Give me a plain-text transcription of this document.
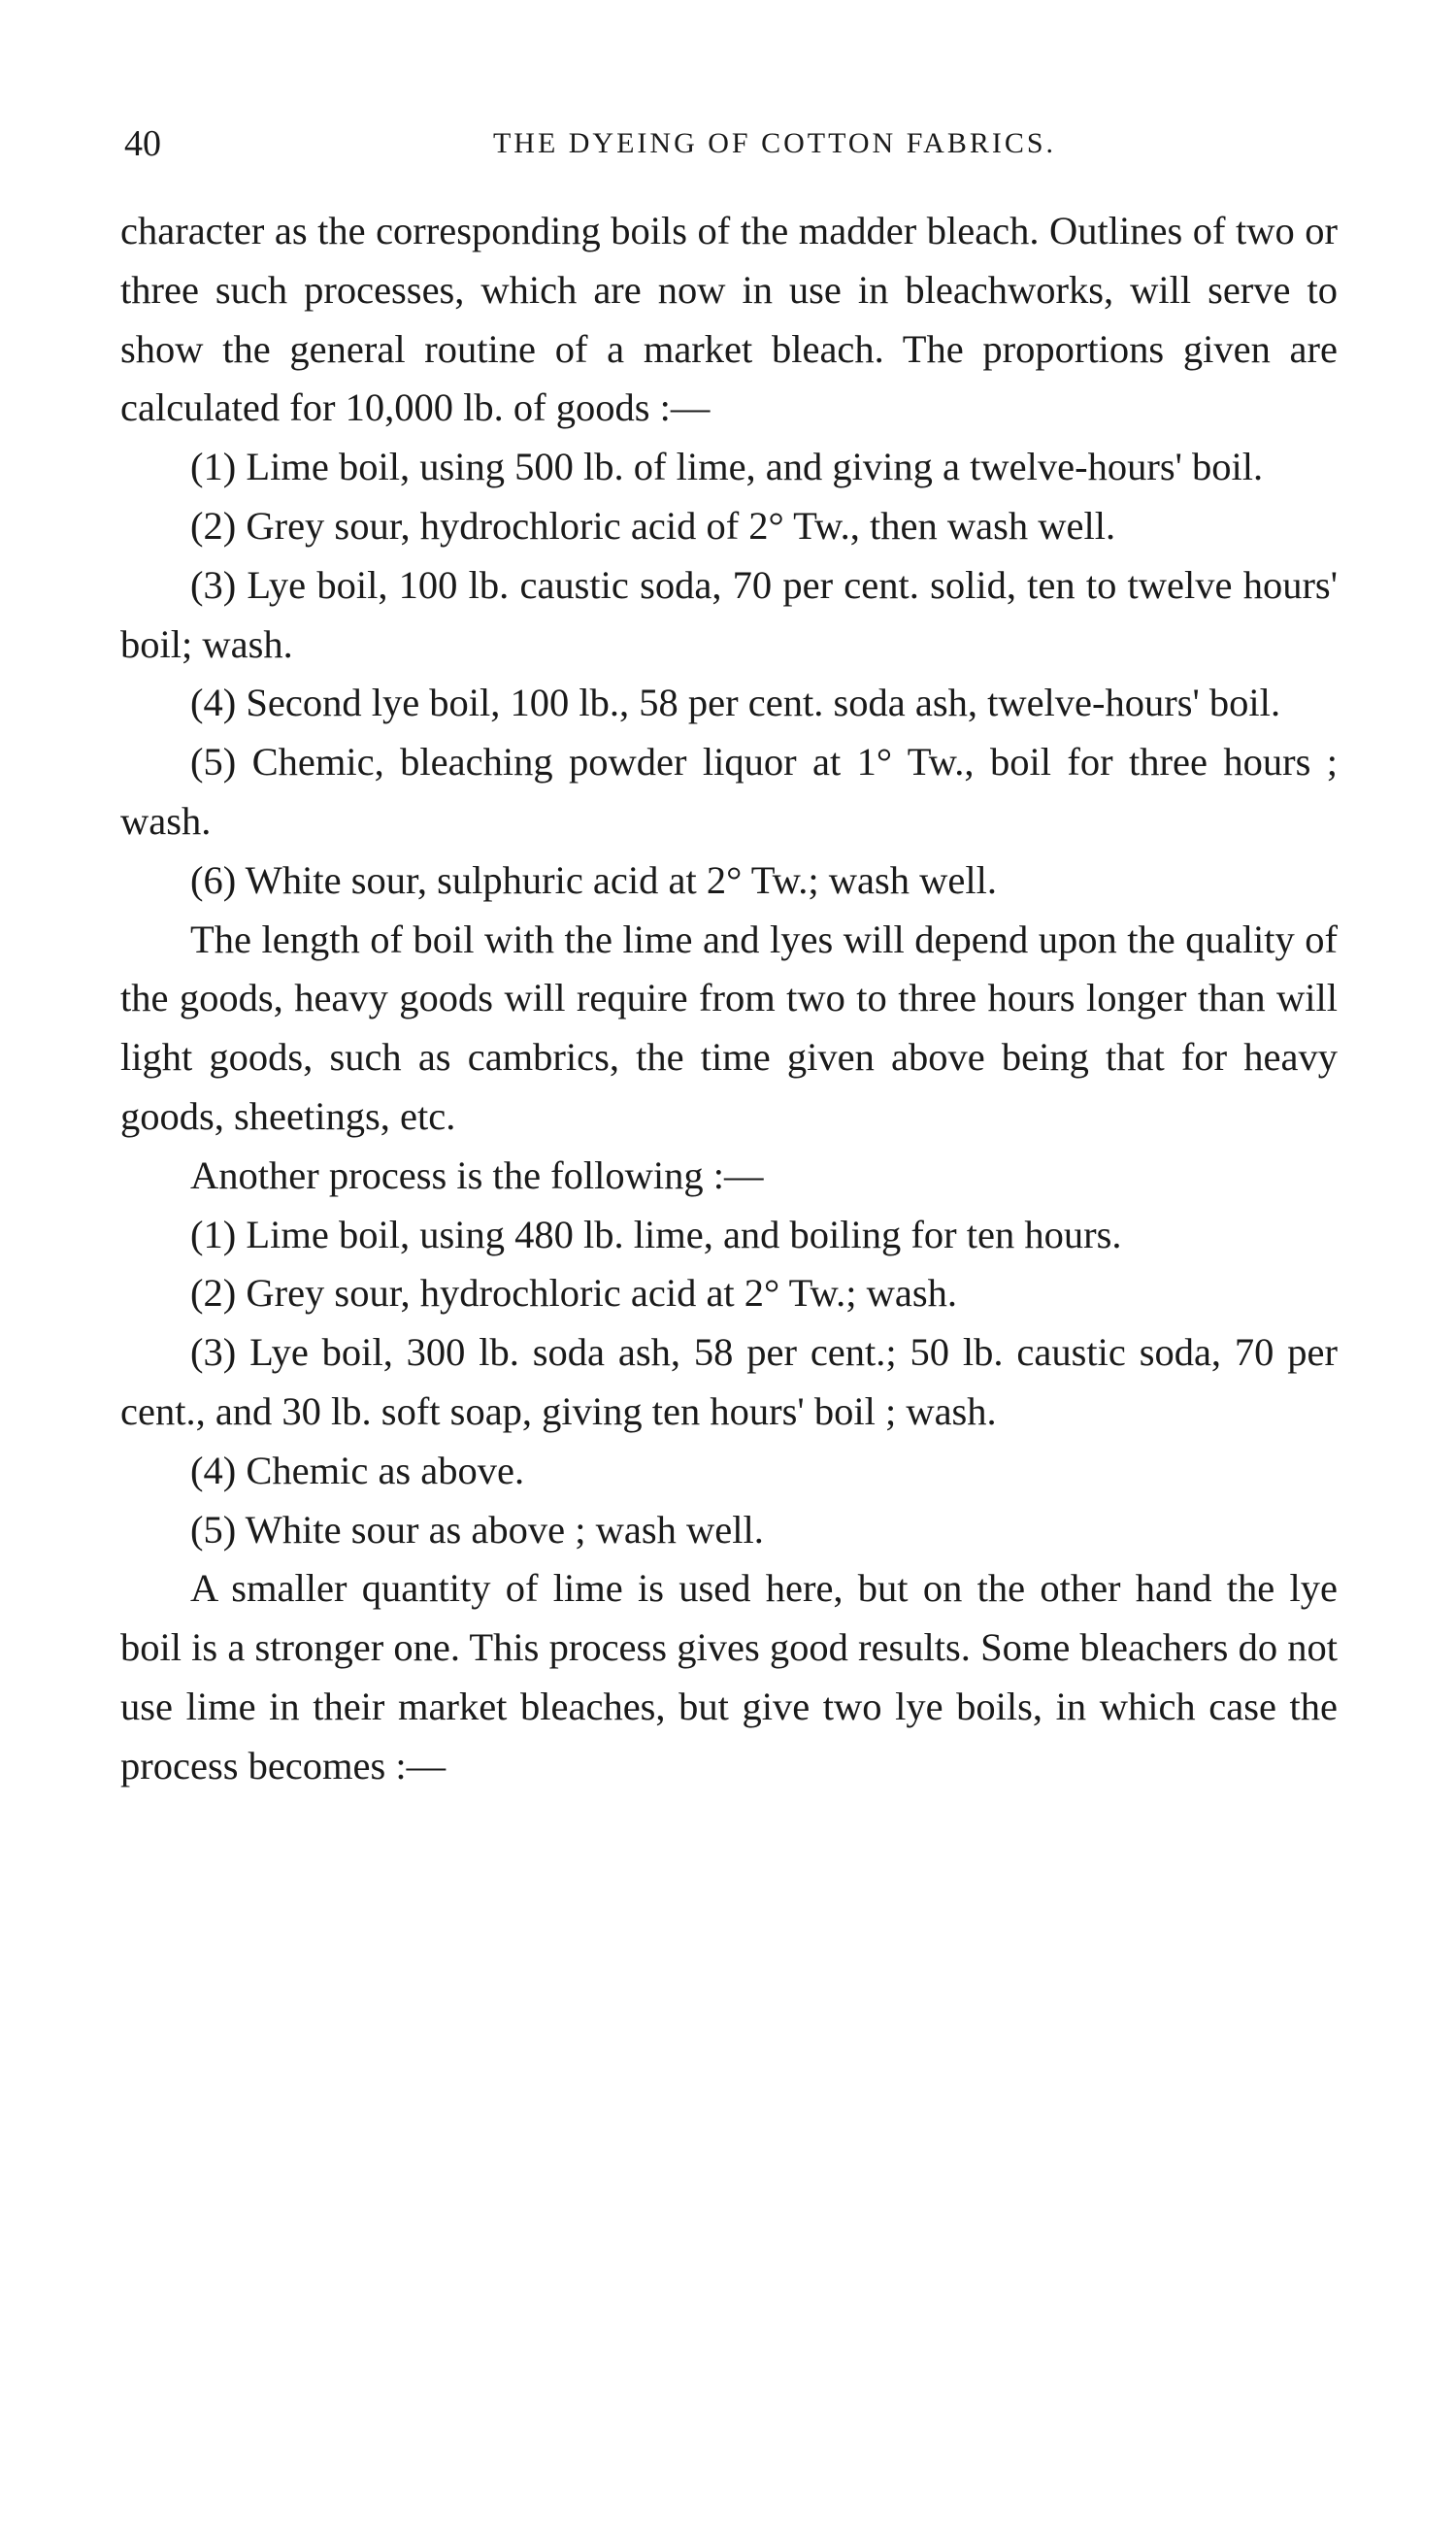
40	THE DYEING OF COTTON FABRICS.

character as the corresponding boils of the madder bleach. Outlines of two or three such processes, which are now in use in bleachworks, will serve to show the general routine of a market bleach. The proportions given are calculated for 10,000 lb. of goods :—

(1) Lime boil, using 500 lb. of lime, and giving a twelve-hours' boil.

(2) Grey sour, hydrochloric acid of 2° Tw., then wash well.

(3) Lye boil, 100 lb. caustic soda, 70 per cent. solid, ten to twelve hours' boil; wash.

(4) Second lye boil, 100 lb., 58 per cent. soda ash, twelve-hours' boil.

(5) Chemic, bleaching powder liquor at 1° Tw., boil for three hours ; wash.

(6) White sour, sulphuric acid at 2° Tw.; wash well.

The length of boil with the lime and lyes will depend upon the quality of the goods, heavy goods will require from two to three hours longer than will light goods, such as cambrics, the time given above being that for heavy goods, sheetings, etc.

Another process is the following :—

(1) Lime boil, using 480 lb. lime, and boiling for ten hours.

(2) Grey sour, hydrochloric acid at 2° Tw.; wash.

(3) Lye boil, 300 lb. soda ash, 58 per cent.; 50 lb. caustic soda, 70 per cent., and 30 lb. soft soap, giving ten hours' boil ; wash.

(4) Chemic as above.

(5) White sour as above ; wash well.

A smaller quantity of lime is used here, but on the other hand the lye boil is a stronger one. This process gives good results. Some bleachers do not use lime in their market bleaches, but give two lye boils, in which case the process becomes :—
